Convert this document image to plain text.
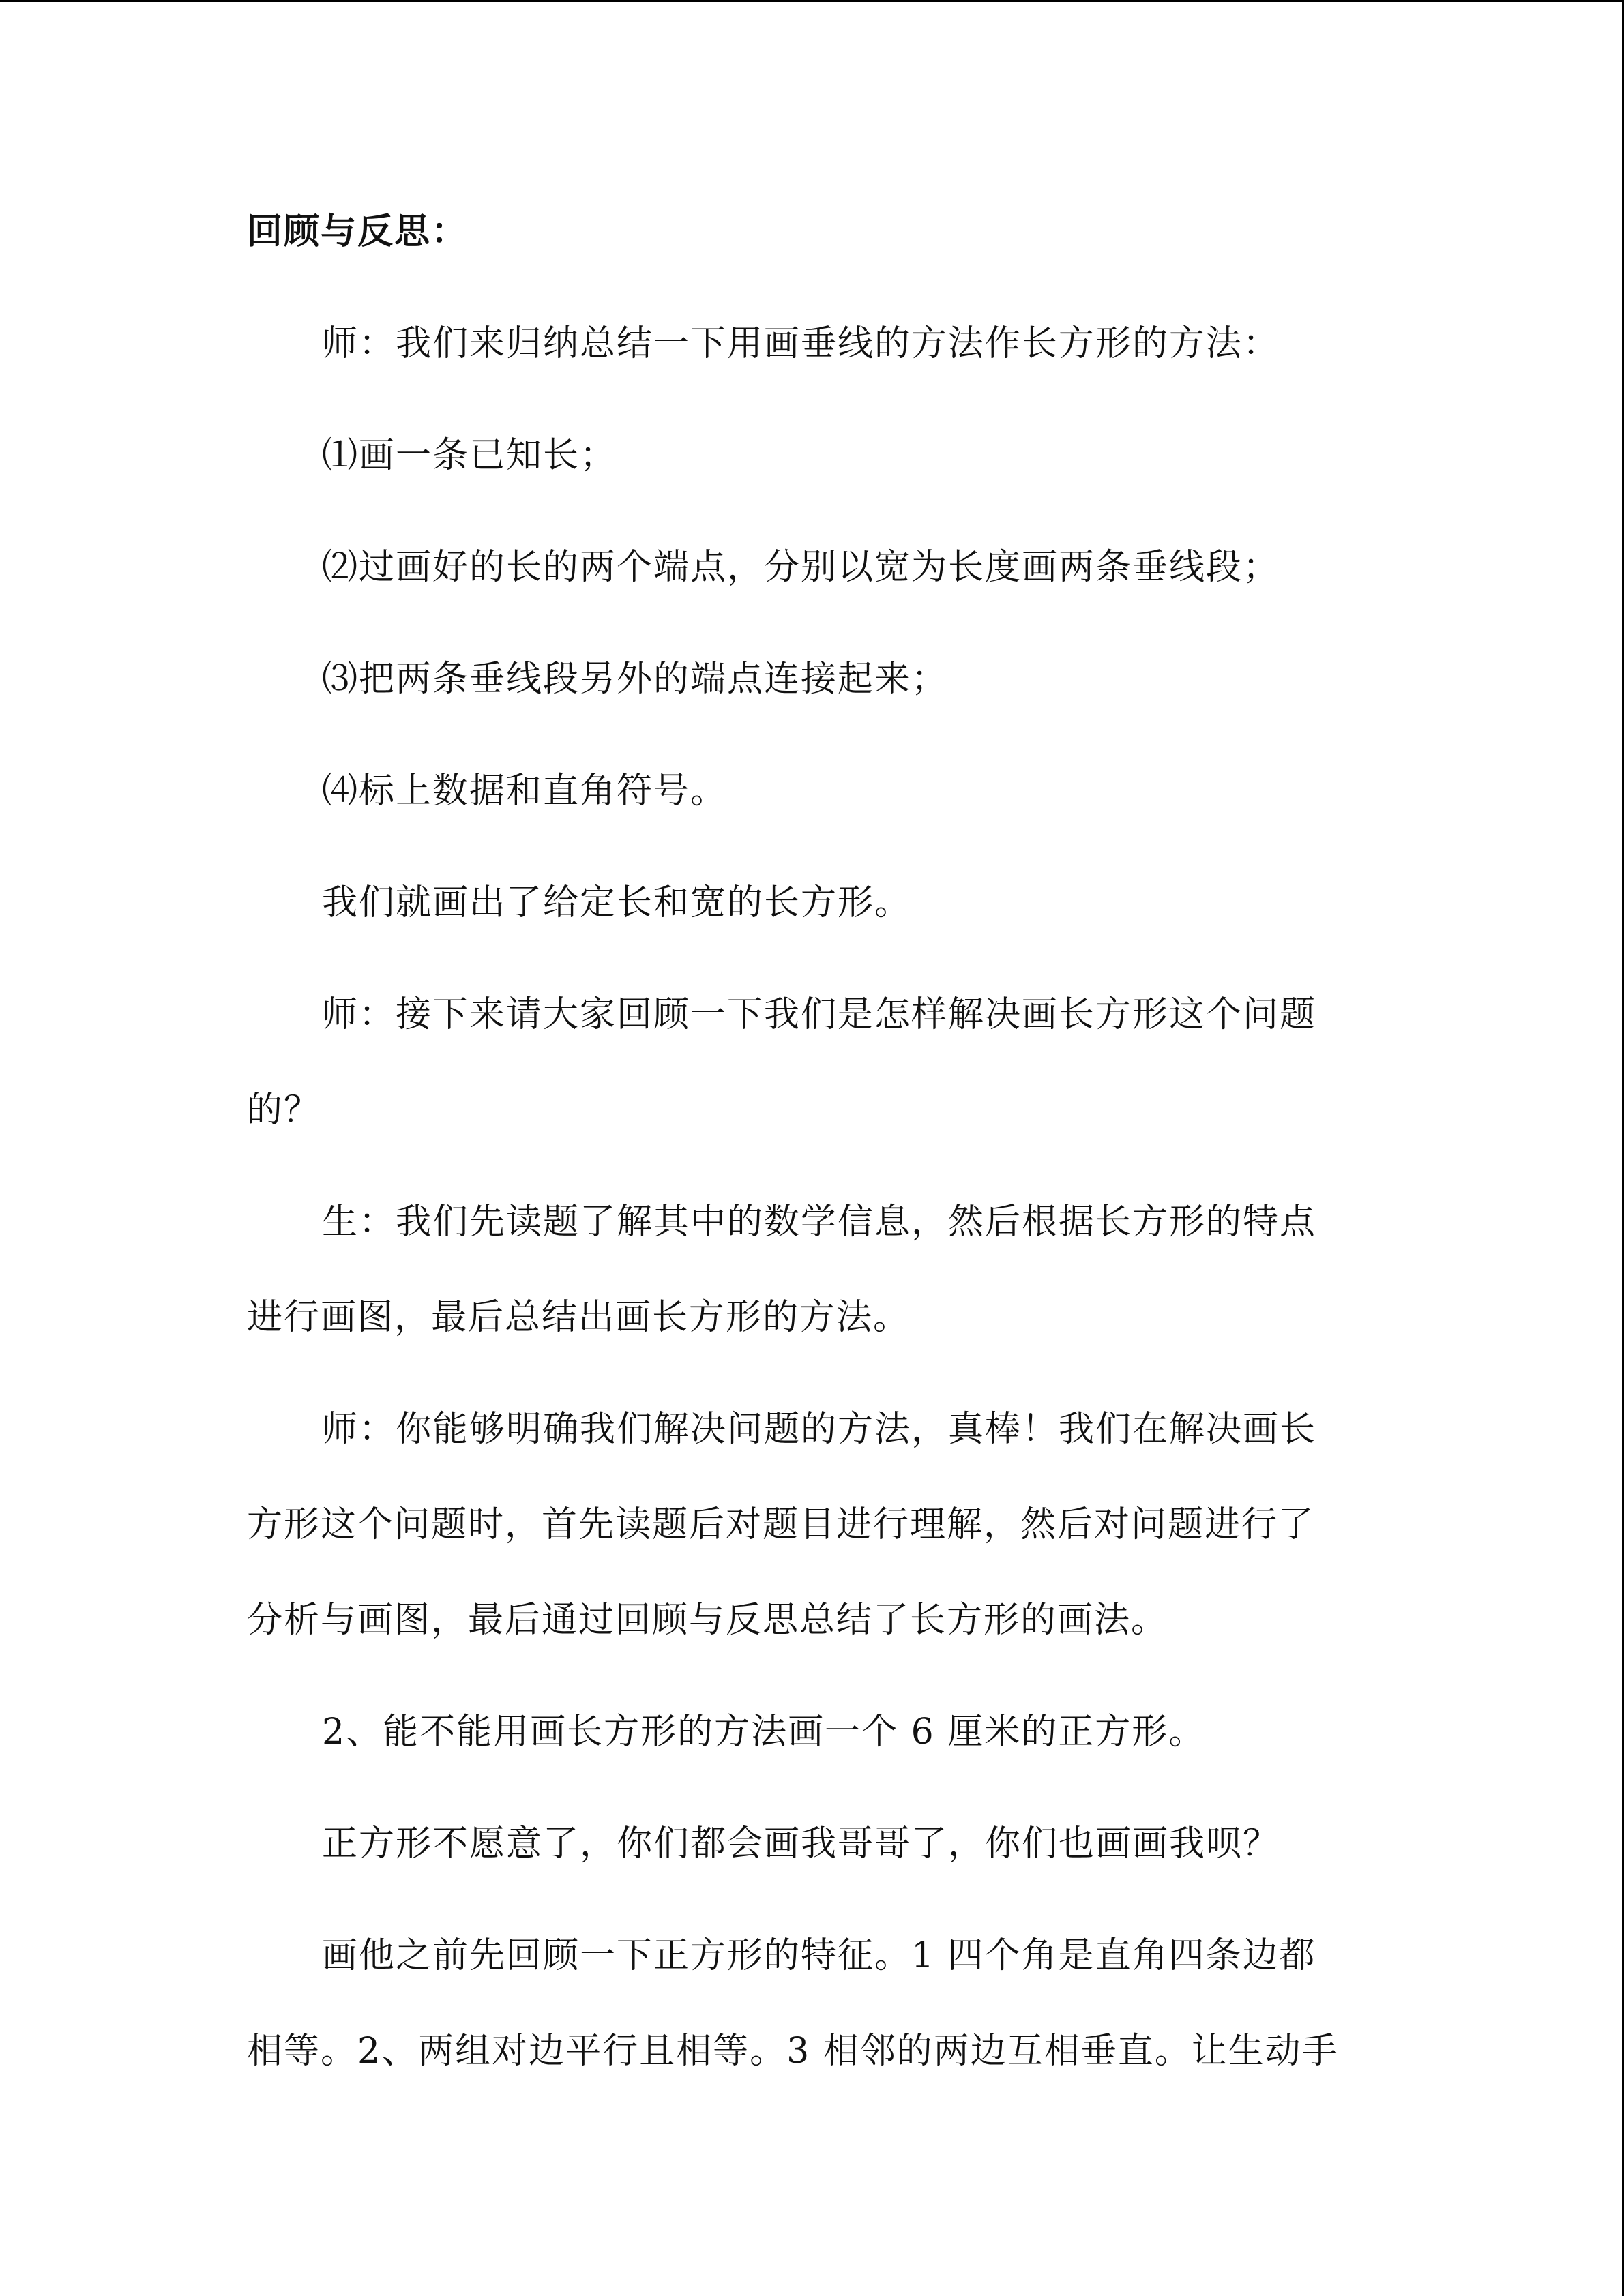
回顾与反思：

师：我们来归纳总结一下用画垂线的方法作长方形的方法：

⑴画一条已知长；

⑵过画好的长的两个端点，分别以宽为长度画两条垂线段；

⑶把两条垂线段另外的端点连接起来；

⑷标上数据和直角符号。

我们就画出了给定长和宽的长方形。

师：接下来请大家回顾一下我们是怎样解决画长方形这个问题

的？

生：我们先读题了解其中的数学信息，然后根据长方形的特点

进行画图，最后总结出画长方形的方法。

师：你能够明确我们解决问题的方法，真棒！我们在解决画长

方形这个问题时，首先读题后对题目进行理解，然后对问题进行了

分析与画图，最后通过回顾与反思总结了长方形的画法。

2、能不能用画长方形的方法画一个 6 厘米的正方形。

正方形不愿意了，你们都会画我哥哥了，你们也画画我呗？

画他之前先回顾一下正方形的特征。1 四个角是直角四条边都

相等。2、两组对边平行且相等。3 相邻的两边互相垂直。让生动手
